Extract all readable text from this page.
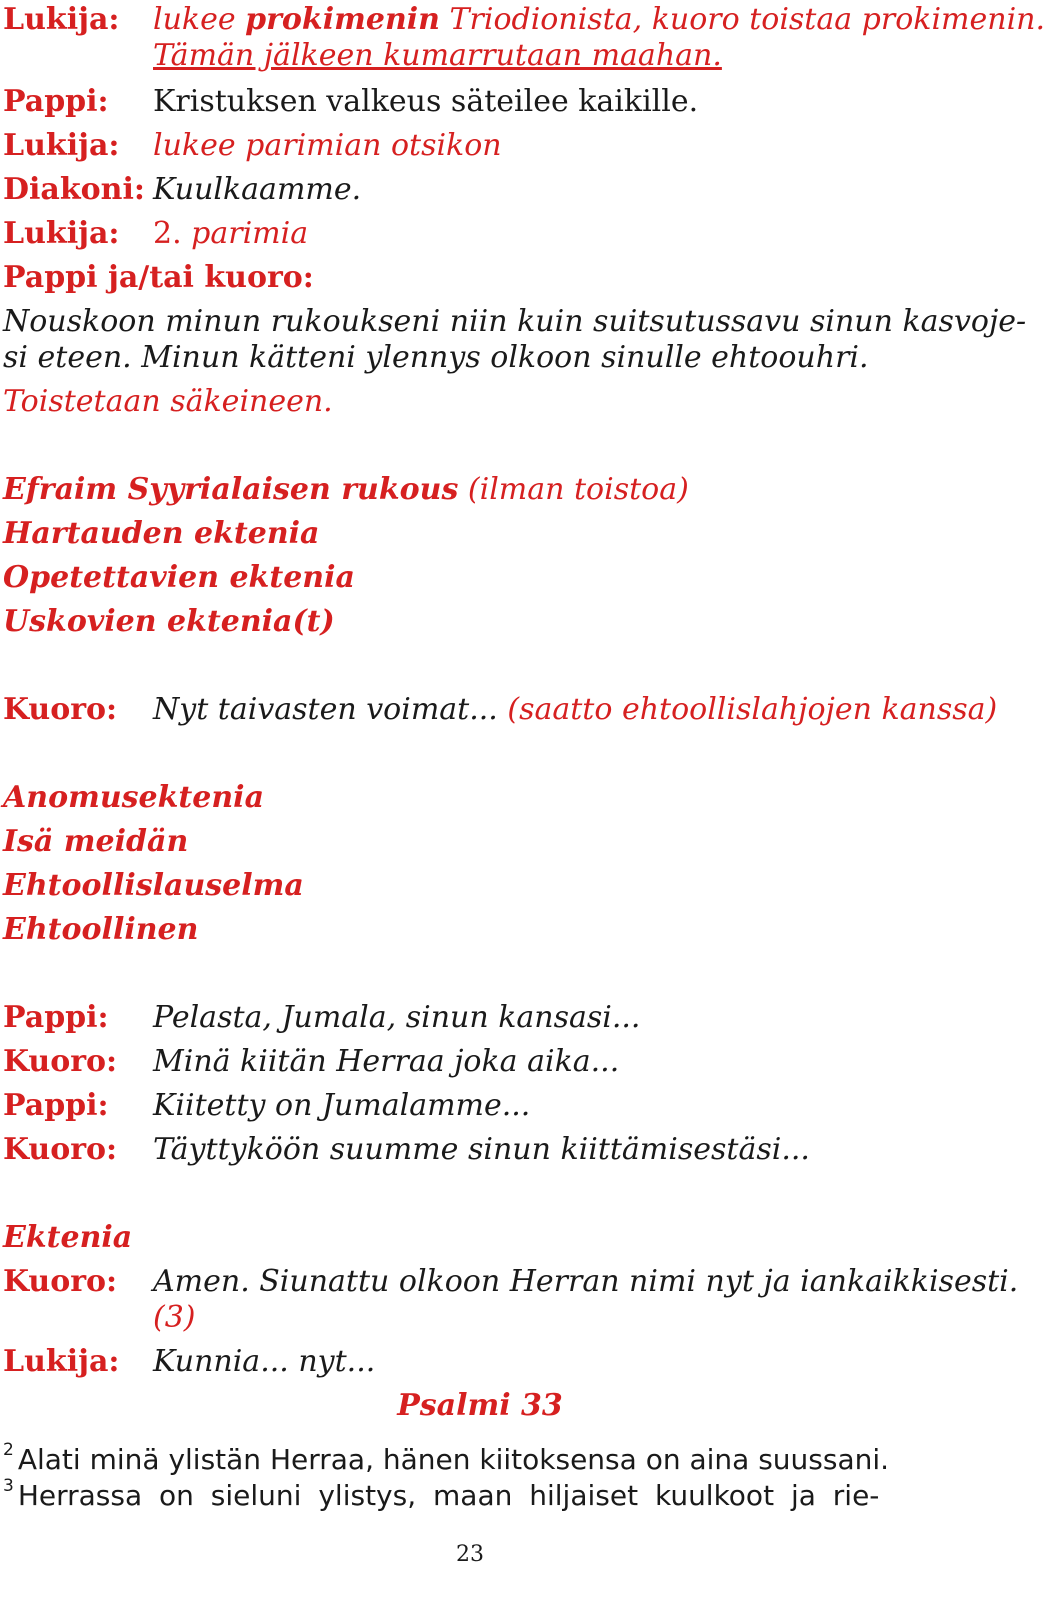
Lukija: lukee prokimenin Triodionista, kuoro toistaa prokimenin.
Tämän jälkeen kumarrutaan maahan.
Pappi: Kristuksen valkeus säteilee kaikille.
Lukija: lukee parimian otsikon
Diakoni: Kuulkaamme.
Lukija: 2. parimia
Pappi ja/tai kuoro:
Nouskoon minun rukoukseni niin kuin suitsutussavu sinun kasvoje-
si eteen. Minun kätteni ylennys olkoon sinulle ehtoouhri.
Toistetaan säkeineen.
Efraim Syyrialaisen rukous (ilman toistoa)
Hartauden ektenia
Opetettavien ektenia
Uskovien ektenia(t)
Kuoro: Nyt taivasten voimat... (saatto ehtoollislahjojen kanssa)
Anomusektenia
Isä meidän
Ehtoollislauselma
Ehtoollinen
Pappi: Pelasta, Jumala, sinun kansasi...
Kuoro: Minä kiitän Herraa joka aika...
Pappi: Kiitetty on Jumalamme...
Kuoro: Täyttyköön suumme sinun kiittämisestäsi...
Ektenia
Kuoro: Amen. Siunattu olkoon Herran nimi nyt ja iankaikkisesti.
(3)
Lukija: Kunnia... nyt...
Psalmi 33
$^2$ Alati minä ylistän Herraa, hänen kiitoksensa on aina suussani.
$^3$ Herrassa on sieluni ylistys, maan hiljaiset kuulkoot ja rie-
23
